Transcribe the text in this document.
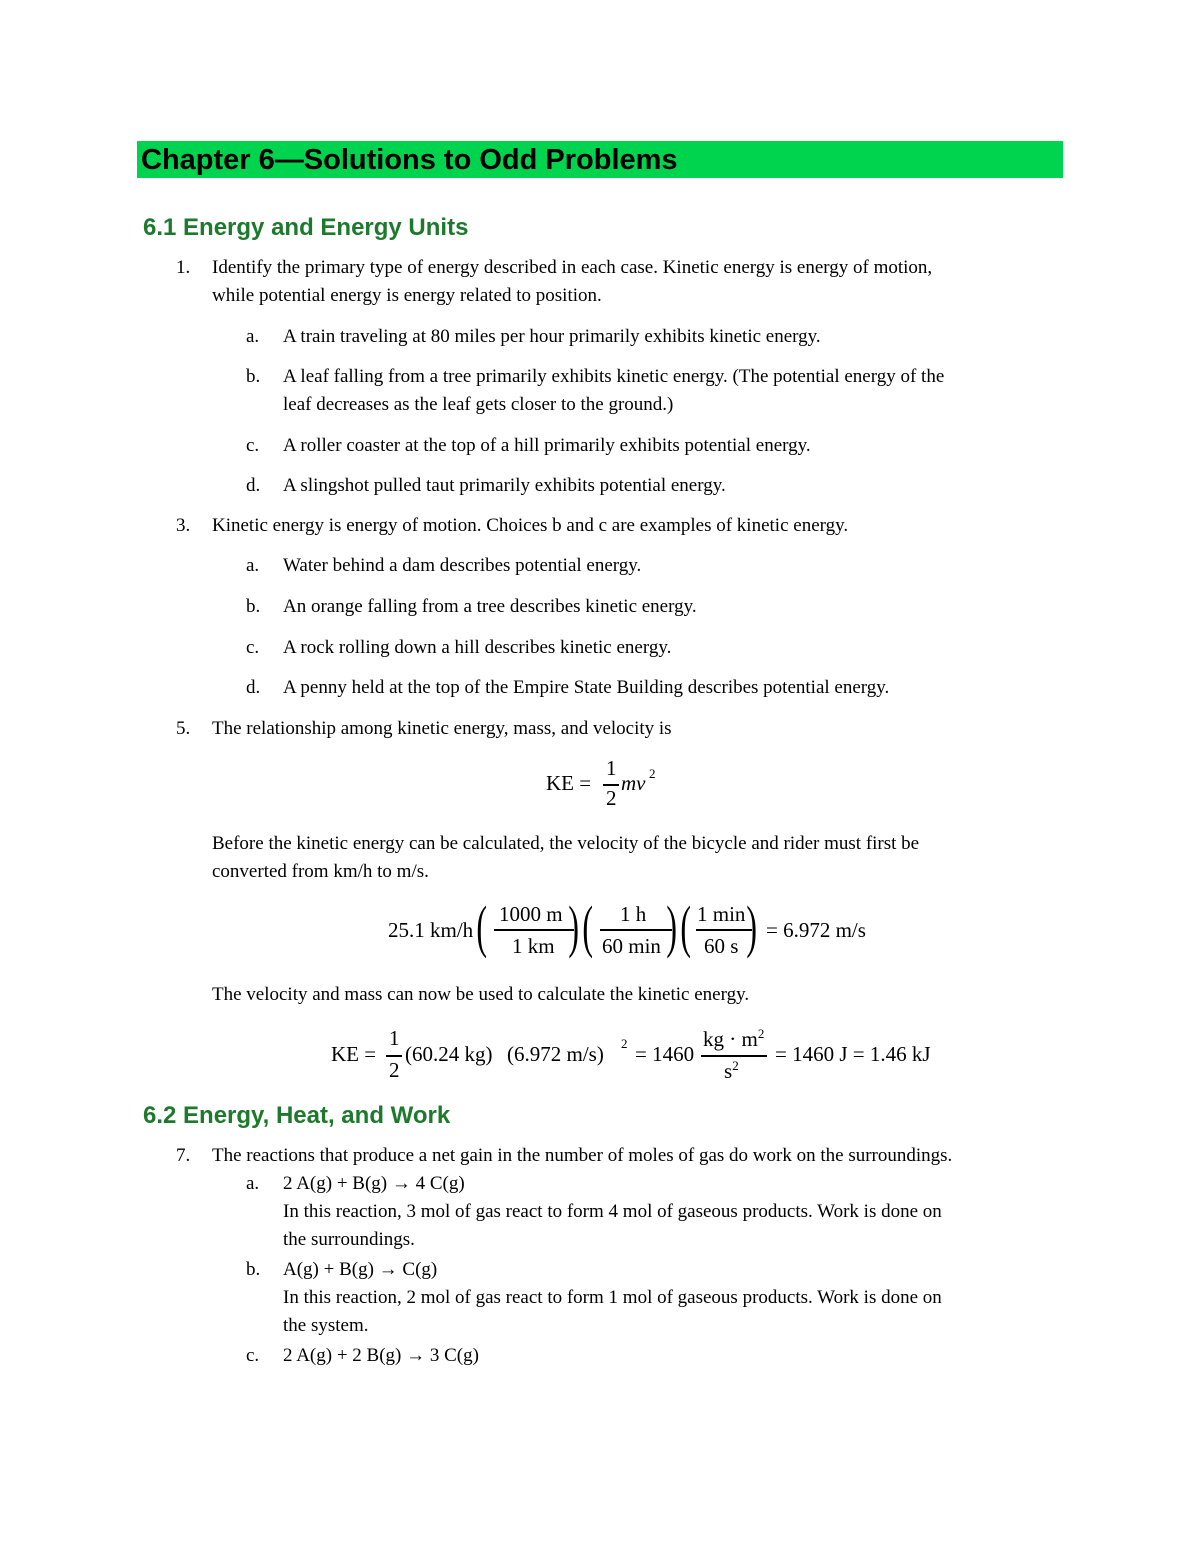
Chapter 6—Solutions to Odd Problems
6.1 Energy and Energy Units
1. Identify the primary type of energy described in each case. Kinetic energy is energy of motion,
while potential energy is energy related to position.
a. A train traveling at 80 miles per hour primarily exhibits kinetic energy.
b. A leaf falling from a tree primarily exhibits kinetic energy. (The potential energy of the
leaf decreases as the leaf gets closer to the ground.)
c. A roller coaster at the top of a hill primarily exhibits potential energy.
d. A slingshot pulled taut primarily exhibits potential energy.
3. Kinetic energy is energy of motion. Choices b and c are examples of kinetic energy.
a. Water behind a dam describes potential energy.
b. An orange falling from a tree describes kinetic energy.
c. A rock rolling down a hill describes kinetic energy.
d. A penny held at the top of the Empire State Building describes potential energy.
5. The relationship among kinetic energy, mass, and velocity is
KE =
1
2
mv 2
Before the kinetic energy can be calculated, the velocity of the bicycle and rider must first be
converted from km/h to m/s.
25.1 km/h ( 1000 m
1 km ) ( 1 h
60 min ) ( 1 min
60 s ) = 6.972 m/s
The velocity and mass can now be used to calculate the kinetic energy.
KE =
1
2
(60.24 kg) (6.972 m/s) 2 = 1460
kg · $m^2$
$s^2 = 1460$ J = 1.46 kJ
6.2 Energy, Heat, and Work
7. The reactions that produce a net gain in the number of moles of gas do work on the surroundings.
a. 2 A(g) + B(g) → 4 C(g)
In this reaction, 3 mol of gas react to form 4 mol of gaseous products. Work is done on
the surroundings.
b. A(g) + B(g) → C(g)
In this reaction, 2 mol of gas react to form 1 mol of gaseous products. Work is done on
the system.
c. 2 A(g) + 2 B(g) → 3 C(g)
